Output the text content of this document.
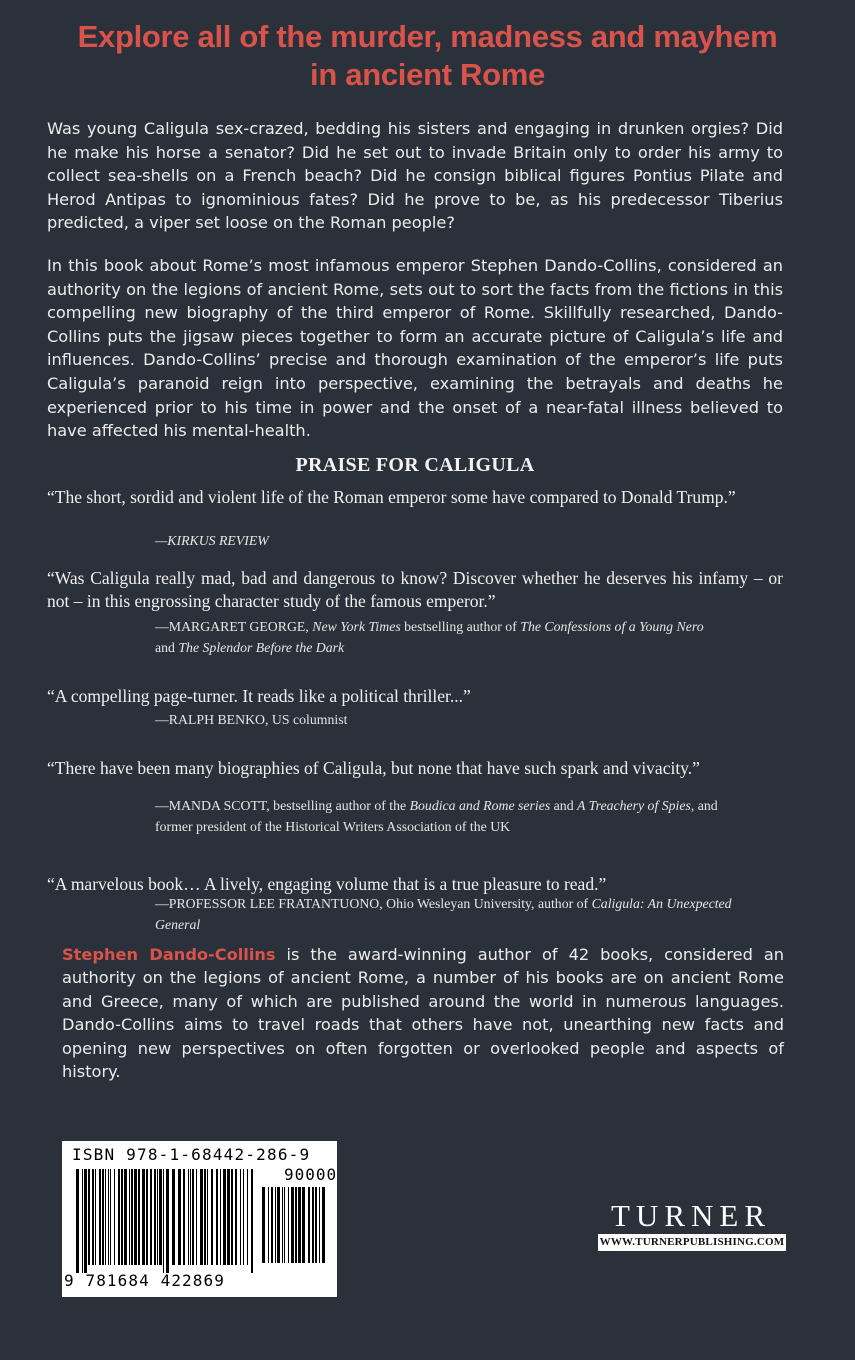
Explore all of the murder, madness and mayhem
in ancient Rome
Was young Caligula sex-crazed, bedding his sisters and engaging in drunken orgies? Did he make his horse a senator? Did he set out to invade Britain only to order his army to collect sea-shells on a French beach? Did he consign biblical figures Pontius Pilate and Herod Antipas to ignominious fates? Did he prove to be, as his predecessor Tiberius predicted, a viper set loose on the Roman people?
In this book about Rome’s most infamous emperor Stephen Dando-Collins, considered an authority on the legions of ancient Rome, sets out to sort the facts from the fictions in this compelling new biography of the third emperor of Rome. Skillfully researched, Dando-Collins puts the jigsaw pieces together to form an accurate picture of Caligula’s life and influences. Dando-Collins’ precise and thorough examination of the emperor’s life puts Caligula’s paranoid reign into perspective, examining the betrayals and deaths he experienced prior to his time in power and the onset of a near-fatal illness believed to have affected his mental-health.
PRAISE FOR CALIGULA
“The short, sordid and violent life of the Roman emperor some have compared to Donald Trump.”
—KIRKUS REVIEW
“Was Caligula really mad, bad and dangerous to know? Discover whether he deserves his infamy – or not – in this engrossing character study of the famous emperor.”
—MARGARET GEORGE, New York Times bestselling author of The Confessions of a Young Nero
and The Splendor Before the Dark
“A compelling page-turner. It reads like a political thriller...”
—RALPH BENKO, US columnist
“There have been many biographies of Caligula, but none that have such spark and vivacity.”
—MANDA SCOTT, bestselling author of the Boudica and Rome series and A Treachery of Spies, and
former president of the Historical Writers Association of the UK
“A marvelous book… A lively, engaging volume that is a true pleasure to read.”
—PROFESSOR LEE FRATANTUONO, Ohio Wesleyan University, author of Caligula: An Unexpected General
Stephen Dando-Collins is the award-winning author of 42 books, considered an authority on the legions of ancient Rome, a number of his books are on ancient Rome and Greece, many of which are published around the world in numerous languages. Dando-Collins aims to travel roads that others have not, unearthing new facts and opening new perspectives on often forgotten or overlooked people and aspects of history.
ISBN 978-1-68442-286-9
90000
9 781684 422869
TURNER
WWW.TURNERPUBLISHING.COM
